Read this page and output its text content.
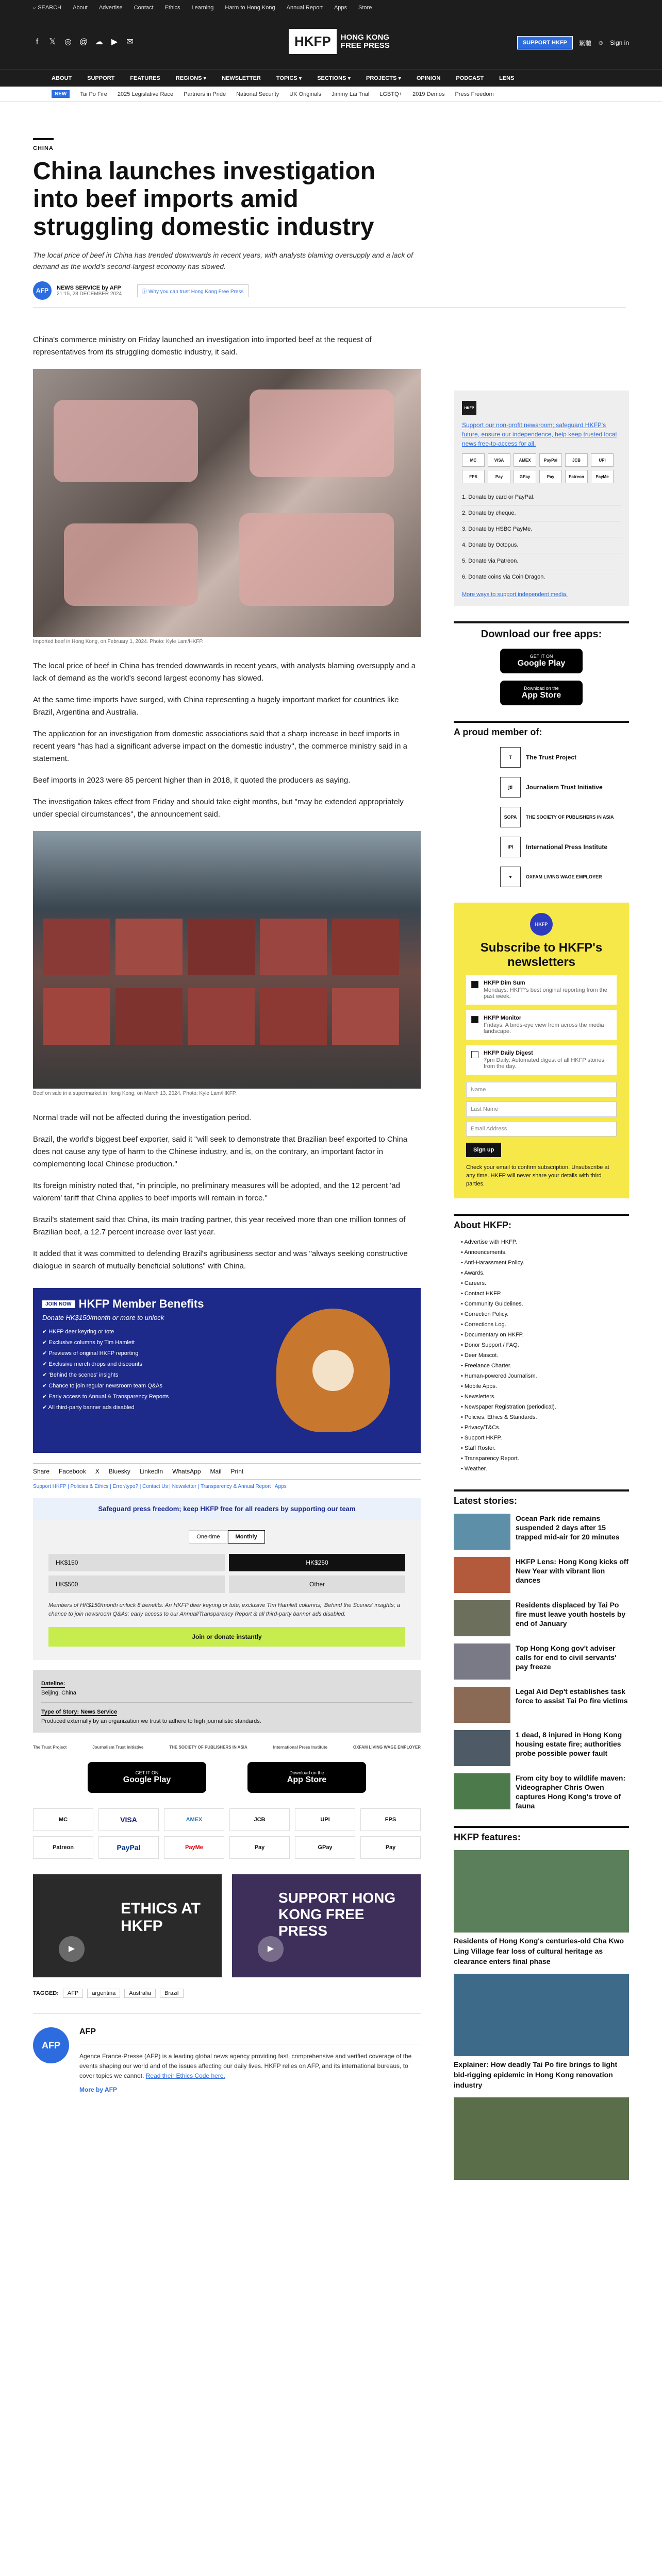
⌕ SEARCH About Advertise Contact Ethics Learning Harm to Hong Kong Annual Report Apps Store
f	𝕏 ◎ @ ☁ ▶ ✉	HKFP	HONG KONG
FREE PRESS	SUPPORT HKFP	繁體 ☺ Sign in
ABOUT	SUPPORT	FEATURES	REGIONS ▾	NEWSLETTER	TOPICS ▾	SECTIONS ▾	PROJECTS ▾	OPINION	PODCAST	LENS
NEW	Tai Po Fire 2025 Legislative Race Partners in Pride National Security UK Originals Jimmy Lai Trial LGBTQ+ 2019 Demos Press Freedom
CHINA
China launches investigation into beef imports amid struggling domestic industry
The local price of beef in China has trended downwards in recent years, with analysts blaming oversupply and a lack of demand as the world's second-largest economy has slowed.
AFP	NEWS SERVICE by AFP
21:15, 28 DECEMBER 2024	ⓘ Why you can trust Hong Kong Free Press

China's commerce ministry on Friday launched an investigation into imported beef at the request of representatives from its struggling domestic industry, it said.

Imported beef in Hong Kong, on February 1, 2024. Photo: Kyle Lam/HKFP.

The local price of beef in China has trended downwards in recent years, with analysts blaming oversupply and a lack of demand as the world's second largest economy has slowed.

At the same time imports have surged, with China representing a hugely important market for countries like Brazil, Argentina and Australia.

The application for an investigation from domestic associations said that a sharp increase in beef imports in recent years "has had a significant adverse impact on the domestic industry", the commerce ministry said in a statement.

Beef imports in 2023 were 85 percent higher than in 2018, it quoted the producers as saying.

The investigation takes effect from Friday and should take eight months, but "may be extended appropriately under special circumstances", the announcement said.

Beef on sale in a supermarket in Hong Kong, on March 13, 2024. Photo: Kyle Lam/HKFP.

Normal trade will not be affected during the investigation period.

Brazil, the world's biggest beef exporter, said it "will seek to demonstrate that Brazilian beef exported to China does not cause any type of harm to the Chinese industry, and is, on the contrary, an important factor in complementing local Chinese production."

Its foreign ministry noted that, "in principle, no preliminary measures will be adopted, and the 12 percent 'ad valorem' tariff that China applies to beef imports will remain in force."

Brazil's statement said that China, its main trading partner, this year received more than one million tonnes of Brazilian beef, a 12.7 percent increase over last year.

It added that it was committed to defending Brazil's agribusiness sector and was "always seeking constructive dialogue in search of mutually beneficial solutions" with China.

JOIN NOW HKFP Member Benefits
Donate HK$150/month or more to unlock
✔ HKFP deer keyring or tote
✔ Exclusive columns by Tim Hamlett
✔ Previews of original HKFP reporting
✔ Exclusive merch drops and discounts
✔ 'Behind the scenes' insights
✔ Chance to join regular newsroom team Q&As
✔ Early access to Annual & Transparency Reports
✔ All third-party banner ads disabled
Share Facebook X Bluesky LinkedIn WhatsApp Mail Print
Support HKFP | Policies & Ethics | Error/typo? | Contact Us | Newsletter | Transparency & Annual Report | Apps
Safeguard press freedom; keep HKFP free for all readers by supporting our team
One-time	Monthly
HK$150	HK$250
HK$500	Other
Members of HK$150/month unlock 8 benefits: An HKFP deer keyring or tote; exclusive Tim Hamlett columns; 'Behind the Scenes' insights; a chance to join newsroom Q&As; early access to our Annual/Transparency Report & all third-party banner ads disabled.
Join or donate instantly
Dateline:
Beijing, China
Type of Story: News Service
Produced externally by an organization we trust to adhere to high journalistic standards.
The Trust Project	Journalism Trust Initiative	THE SOCIETY OF PUBLISHERS IN ASIA	International Press Institute	OXFAM LIVING WAGE EMPLOYER
GET IT ON
Google Play
Download on the
App Store
MC	VISA	AMEX	JCB	UPI	FPS
Patreon	PayPal	PayMe	Pay	GPay	Pay
ETHICS AT HKFP
▶
SUPPORT HONG KONG FREE PRESS
▶
TAGGED:	AFP	argentina	Australia	Brazil
AFP
AFP
Agence France-Presse (AFP) is a leading global news agency providing fast, comprehensive and verified coverage of the events shaping our world and of the issues affecting our daily lives. HKFP relies on AFP, and its international bureaus, to cover topics we cannot. Read their Ethics Code here.
More by AFP
HKFP
Support our non-profit newsroom; safeguard HKFP's future, ensure our independence, help keep trusted local news free-to-access for all.
MC	VISA	AMEX	PayPal	JCB	UPI
FPS	Pay	GPay	Pay	Patreon	PayMe
1. Donate by card or PayPal.
2. Donate by cheque.
3. Donate by HSBC PayMe.
4. Donate by Octopus.
5. Donate via Patreon.
6. Donate coins via Coin Dragon.
More ways to support independent media.
Download our free apps:
GET IT ON
Google Play
Download on the
App Store
A proud member of:
T	The Trust Project
jti	Journalism Trust Initiative
SOPA	THE SOCIETY OF PUBLISHERS IN ASIA
IPI	International Press Institute
♥	OXFAM LIVING WAGE EMPLOYER
HKFP
Subscribe to HKFP's newsletters
HKFP Dim Sum
Mondays: HKFP's best original reporting from the past week.
HKFP Monitor
Fridays: A birds-eye view from across the media landscape.
HKFP Daily Digest
7pm Daily: Automated digest of all HKFP stories from the day.
Name
Last Name
Email Address
Sign up
Check your email to confirm subscription. Unsubscribe at any time. HKFP will never share your details with third parties.
About HKFP:
• Advertise with HKFP.
• Announcements.
• Anti-Harassment Policy.
• Awards.
• Careers.
• Contact HKFP.
• Community Guidelines.
• Correction Policy.
• Corrections Log.
• Documentary on HKFP.
• Donor Support / FAQ.
• Deer Mascot.
• Freelance Charter.
• Human-powered Journalism.
• Mobile Apps.
• Newsletters.
• Newspaper Registration (periodical).
• Policies, Ethics & Standards.
• Privacy/T&Cs.
• Support HKFP.
• Staff Roster.
• Transparency Report.
• Weather.
Latest stories:
Ocean Park ride remains suspended 2 days after 15 trapped mid-air for 20 minutes
HKFP Lens: Hong Kong kicks off New Year with vibrant lion dances
Residents displaced by Tai Po fire must leave youth hostels by end of January
Top Hong Kong gov't adviser calls for end to civil servants' pay freeze
Legal Aid Dep't establishes task force to assist Tai Po fire victims
1 dead, 8 injured in Hong Kong housing estate fire; authorities probe possible power fault
From city boy to wildlife maven: Videographer Chris Owen captures Hong Kong's trove of fauna
HKFP features:
Residents of Hong Kong's centuries-old Cha Kwo Ling Village fear loss of cultural heritage as clearance enters final phase
Explainer: How deadly Tai Po fire brings to light bid-rigging epidemic in Hong Kong renovation industry
